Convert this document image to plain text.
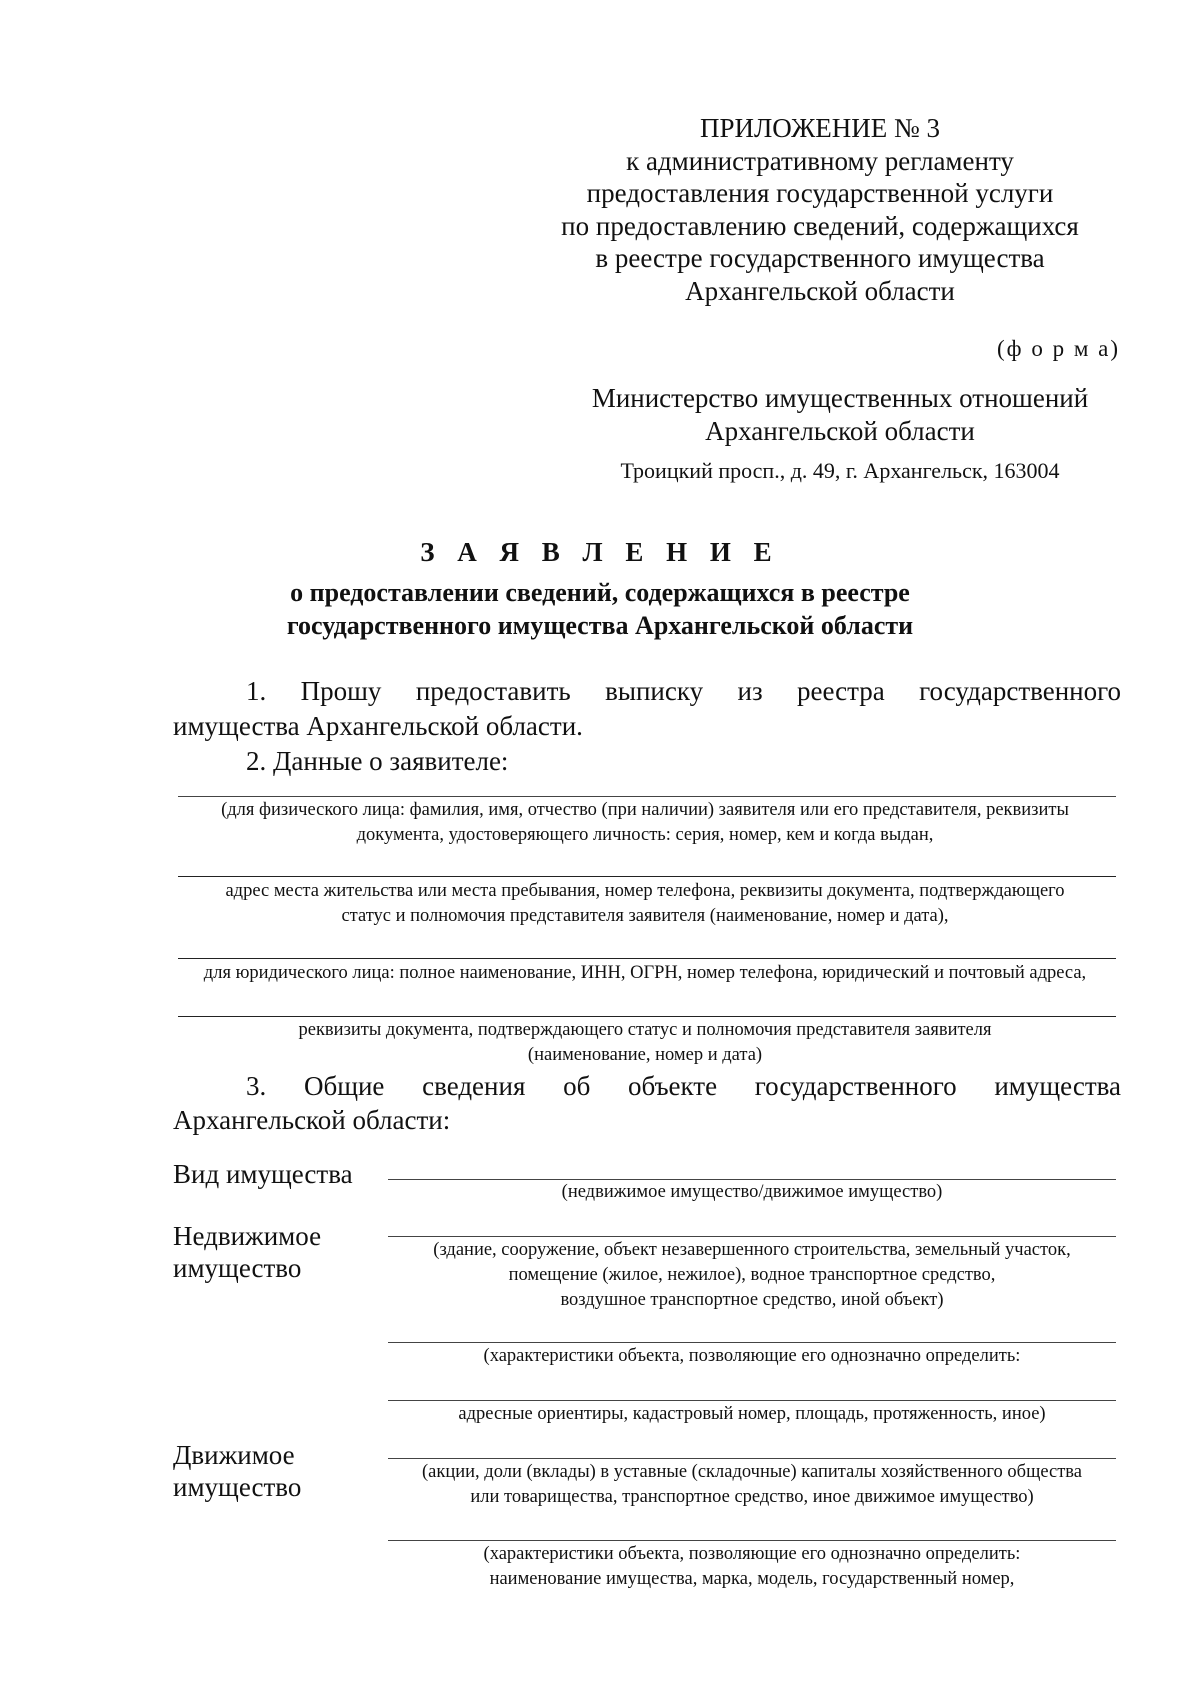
ПРИЛОЖЕНИЕ № 3
к административному регламенту
предоставления государственной услуги
по предоставлению сведений, содержащихся
в реестре государственного имущества
Архангельской области
(ф о р м а)
Министерство имущественных отношений
Архангельской области
Троицкий просп., д. 49, г. Архангельск, 163004
З А Я В Л Е Н И Е
о предоставлении сведений, содержащихся в реестре
государственного имущества Архангельской области
1. Прошу предоставить выписку из реестра государственного
имущества Архангельской области.
2. Данные о заявителе:
(для физического лица: фамилия, имя, отчество (при наличии) заявителя или его представителя, реквизиты
документа, удостоверяющего личность: серия, номер, кем и когда выдан,
адрес места жительства или места пребывания, номер телефона, реквизиты документа, подтверждающего
статус и полномочия представителя заявителя (наименование, номер и дата),
для юридического лица: полное наименование, ИНН, ОГРН, номер телефона, юридический и почтовый адреса,
реквизиты документа, подтверждающего статус и полномочия представителя заявителя
(наименование, номер и дата)
3. Общие сведения об объекте государственного имущества
Архангельской области:
Вид имущества
(недвижимое имущество/движимое имущество)
Недвижимое
имущество
(здание, сооружение, объект незавершенного строительства, земельный участок,
помещение (жилое, нежилое), водное транспортное средство,
воздушное транспортное средство, иной объект)
(характеристики объекта, позволяющие его однозначно определить:
адресные ориентиры, кадастровый номер, площадь, протяженность, иное)
Движимое
имущество	(акции, доли (вклады) в уставные (складочные) капиталы хозяйственного общества
или товарищества, транспортное средство, иное движимое имущество)
(характеристики объекта, позволяющие его однозначно определить:
наименование имущества, марка, модель, государственный номер,
